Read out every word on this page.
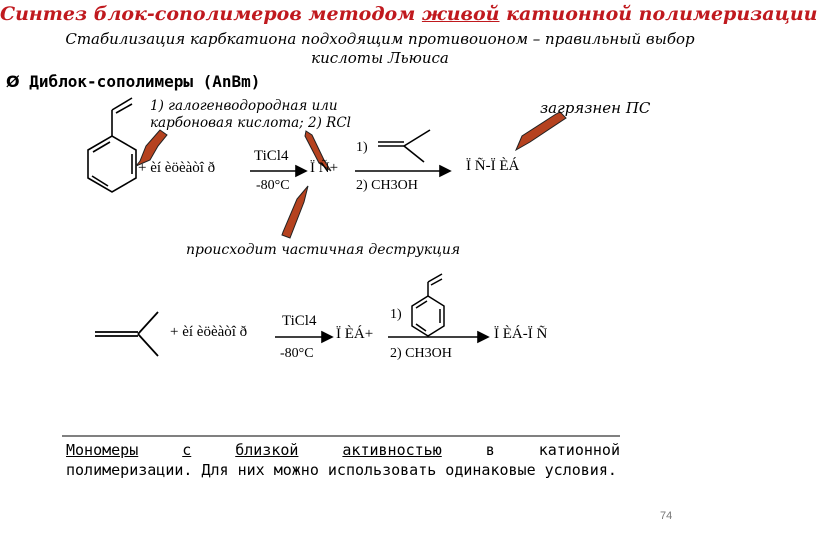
Синтез блок-сополимеров методом живой катионной полимеризации
Стабилизация карбкатиона подходящим противоионом – правильный выбор кислоты Льюиса
Ø Диблок-сополимеры (АnВm)
1) галогенводородная или карбоновая кислота; 2) RCl
+ èí èöèàòî ð
TiCl4
-80°C
Ï Ñ+
1)
2) CH3OH
Ï Ñ-Ï ÈÁ
загрязнен ПС
происходит частичная деструкция
+ èí èöèàòî ð
TiCl4
-80°C
Ï ÈÁ+
1)
2) CH3OH
Ï ÈÁ-Ï Ñ
Мономеры	с	близкой	активностью	в	катионной
полимеризации. Для них можно использовать одинаковые условия.
74
